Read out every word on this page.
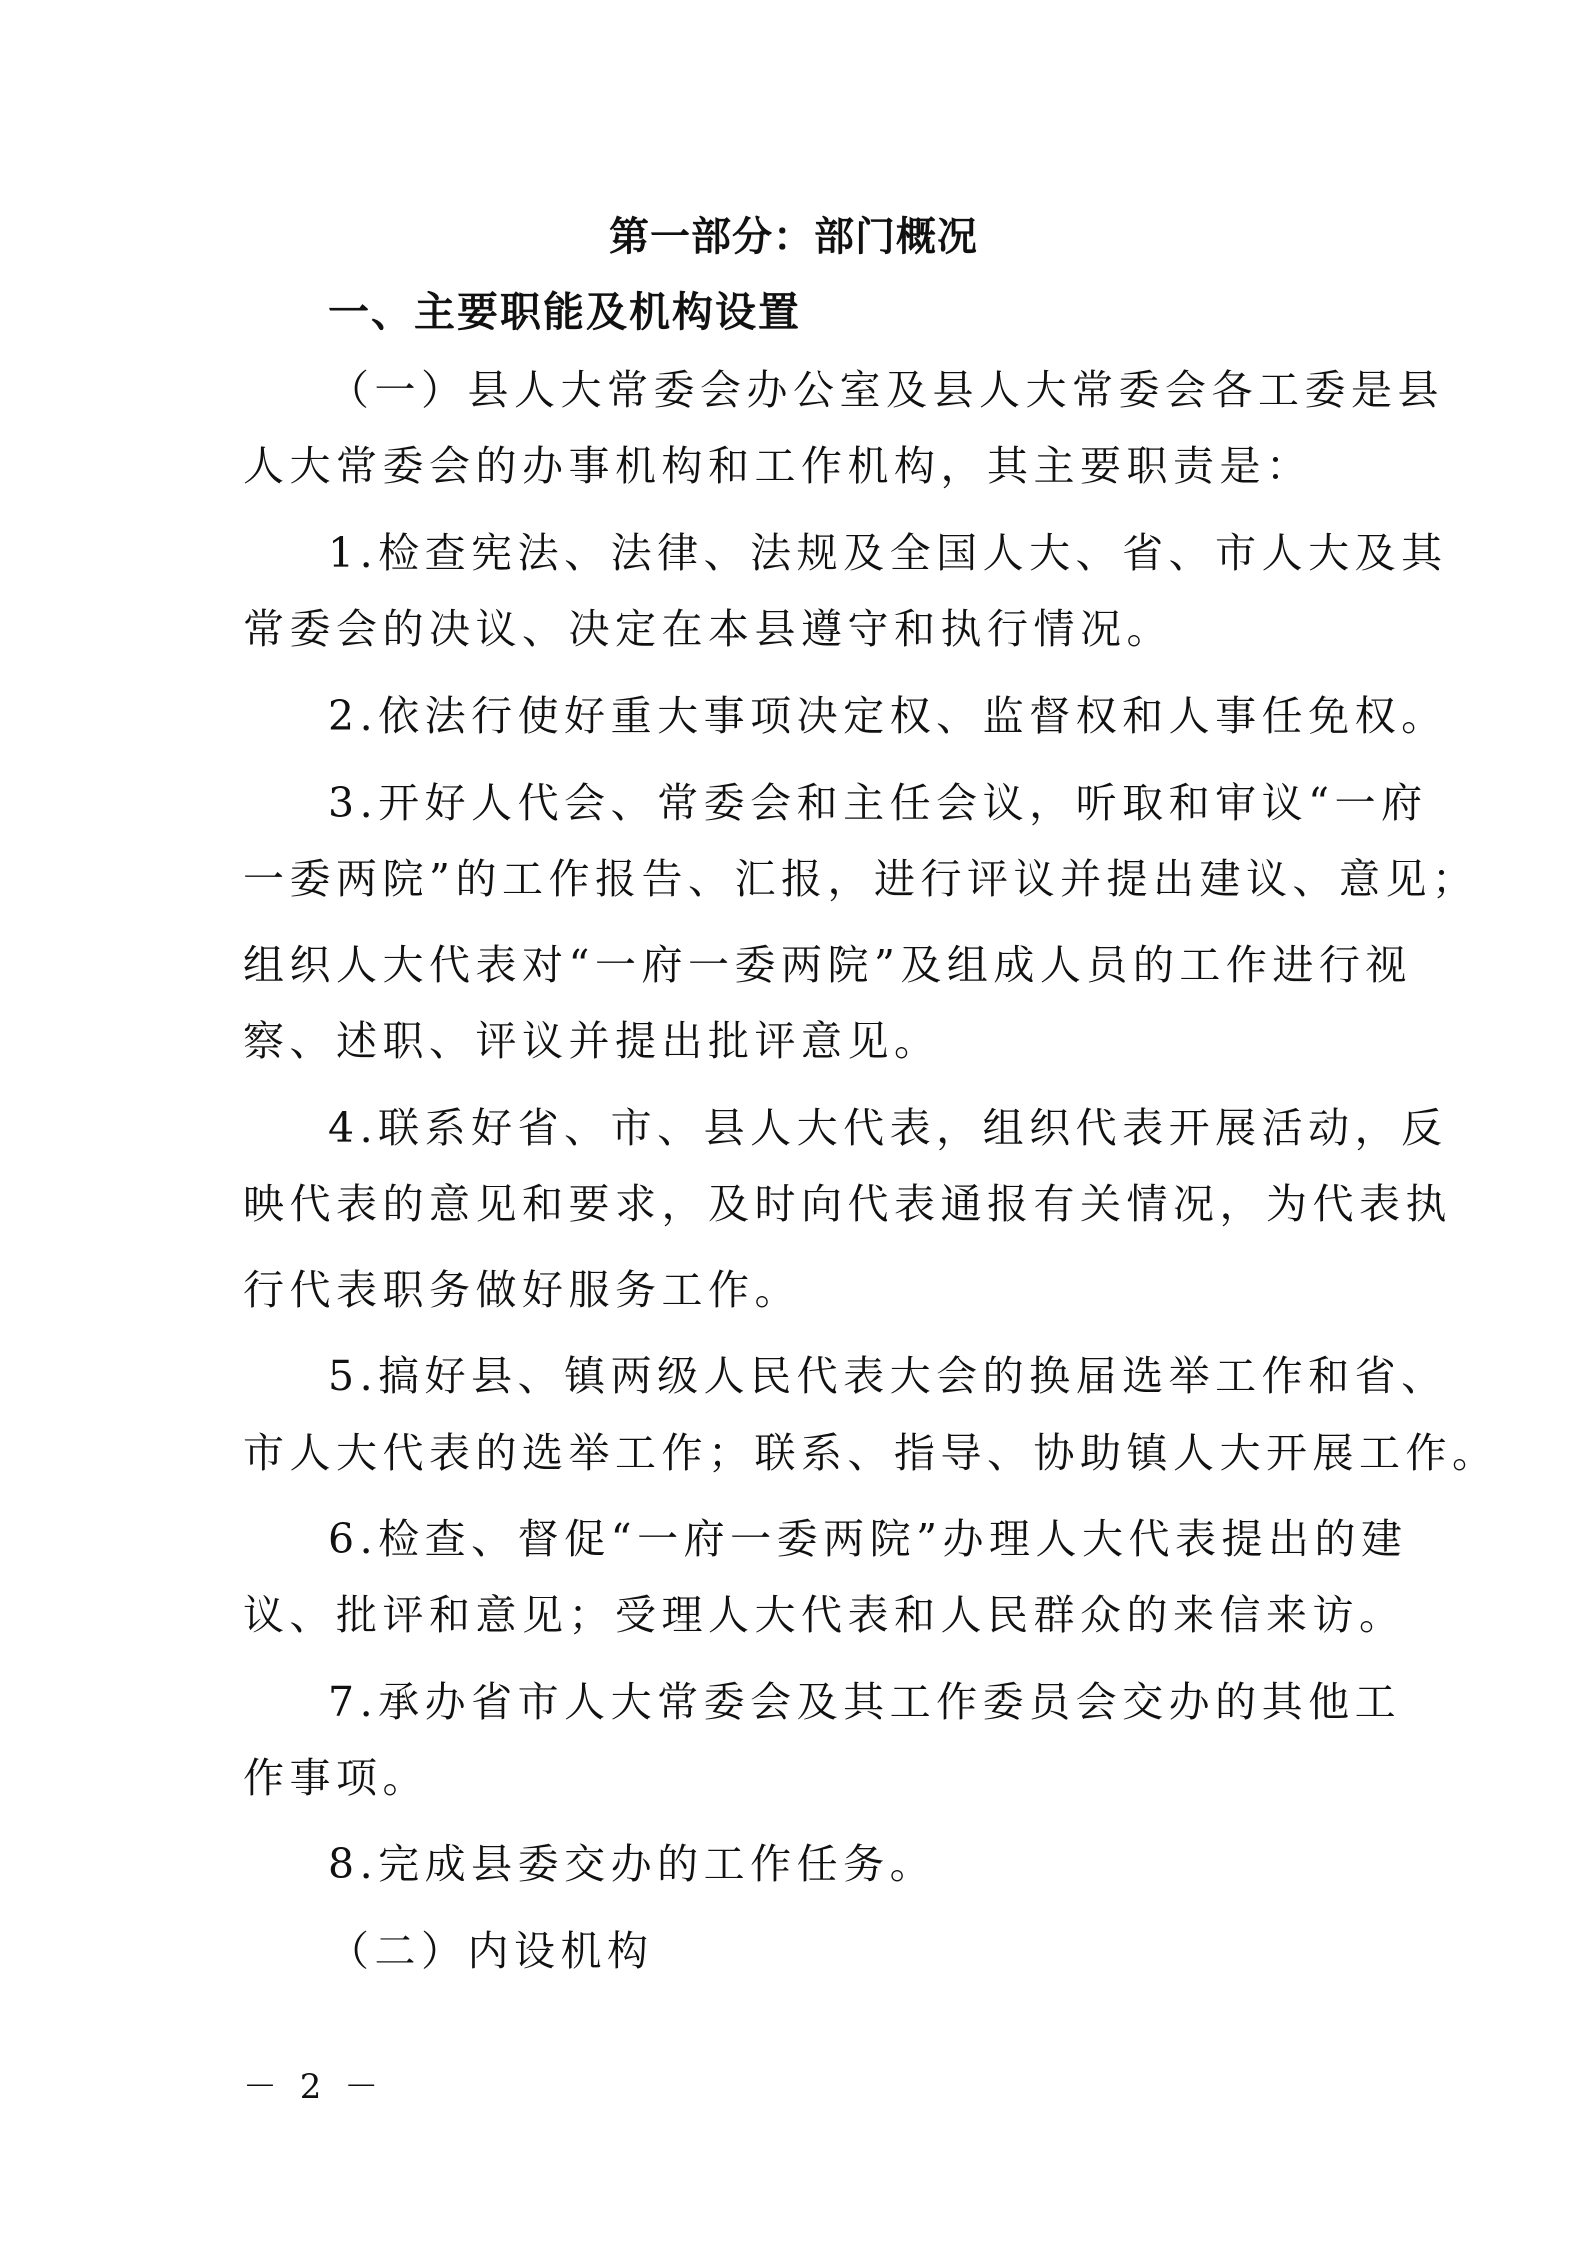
第一部分：部门概况
一、主要职能及机构设置
（一）县人大常委会办公室及县人大常委会各工委是县
人大常委会的办事机构和工作机构，其主要职责是：
1.检查宪法、法律、法规及全国人大、省、市人大及其
常委会的决议、决定在本县遵守和执行情况。
2.依法行使好重大事项决定权、监督权和人事任免权。
3.开好人代会、常委会和主任会议，听取和审议“一府
一委两院”的工作报告、汇报，进行评议并提出建议、意见；
组织人大代表对“一府一委两院”及组成人员的工作进行视
察、述职、评议并提出批评意见。
4.联系好省、市、县人大代表，组织代表开展活动，反
映代表的意见和要求，及时向代表通报有关情况，为代表执
行代表职务做好服务工作。
5.搞好县、镇两级人民代表大会的换届选举工作和省、
市人大代表的选举工作；联系、指导、协助镇人大开展工作。
6.检查、督促“一府一委两院”办理人大代表提出的建
议、批评和意见；受理人大代表和人民群众的来信来访。
7.承办省市人大常委会及其工作委员会交办的其他工
作事项。
8.完成县委交办的工作任务。
（二）内设机构
－ 2 －
